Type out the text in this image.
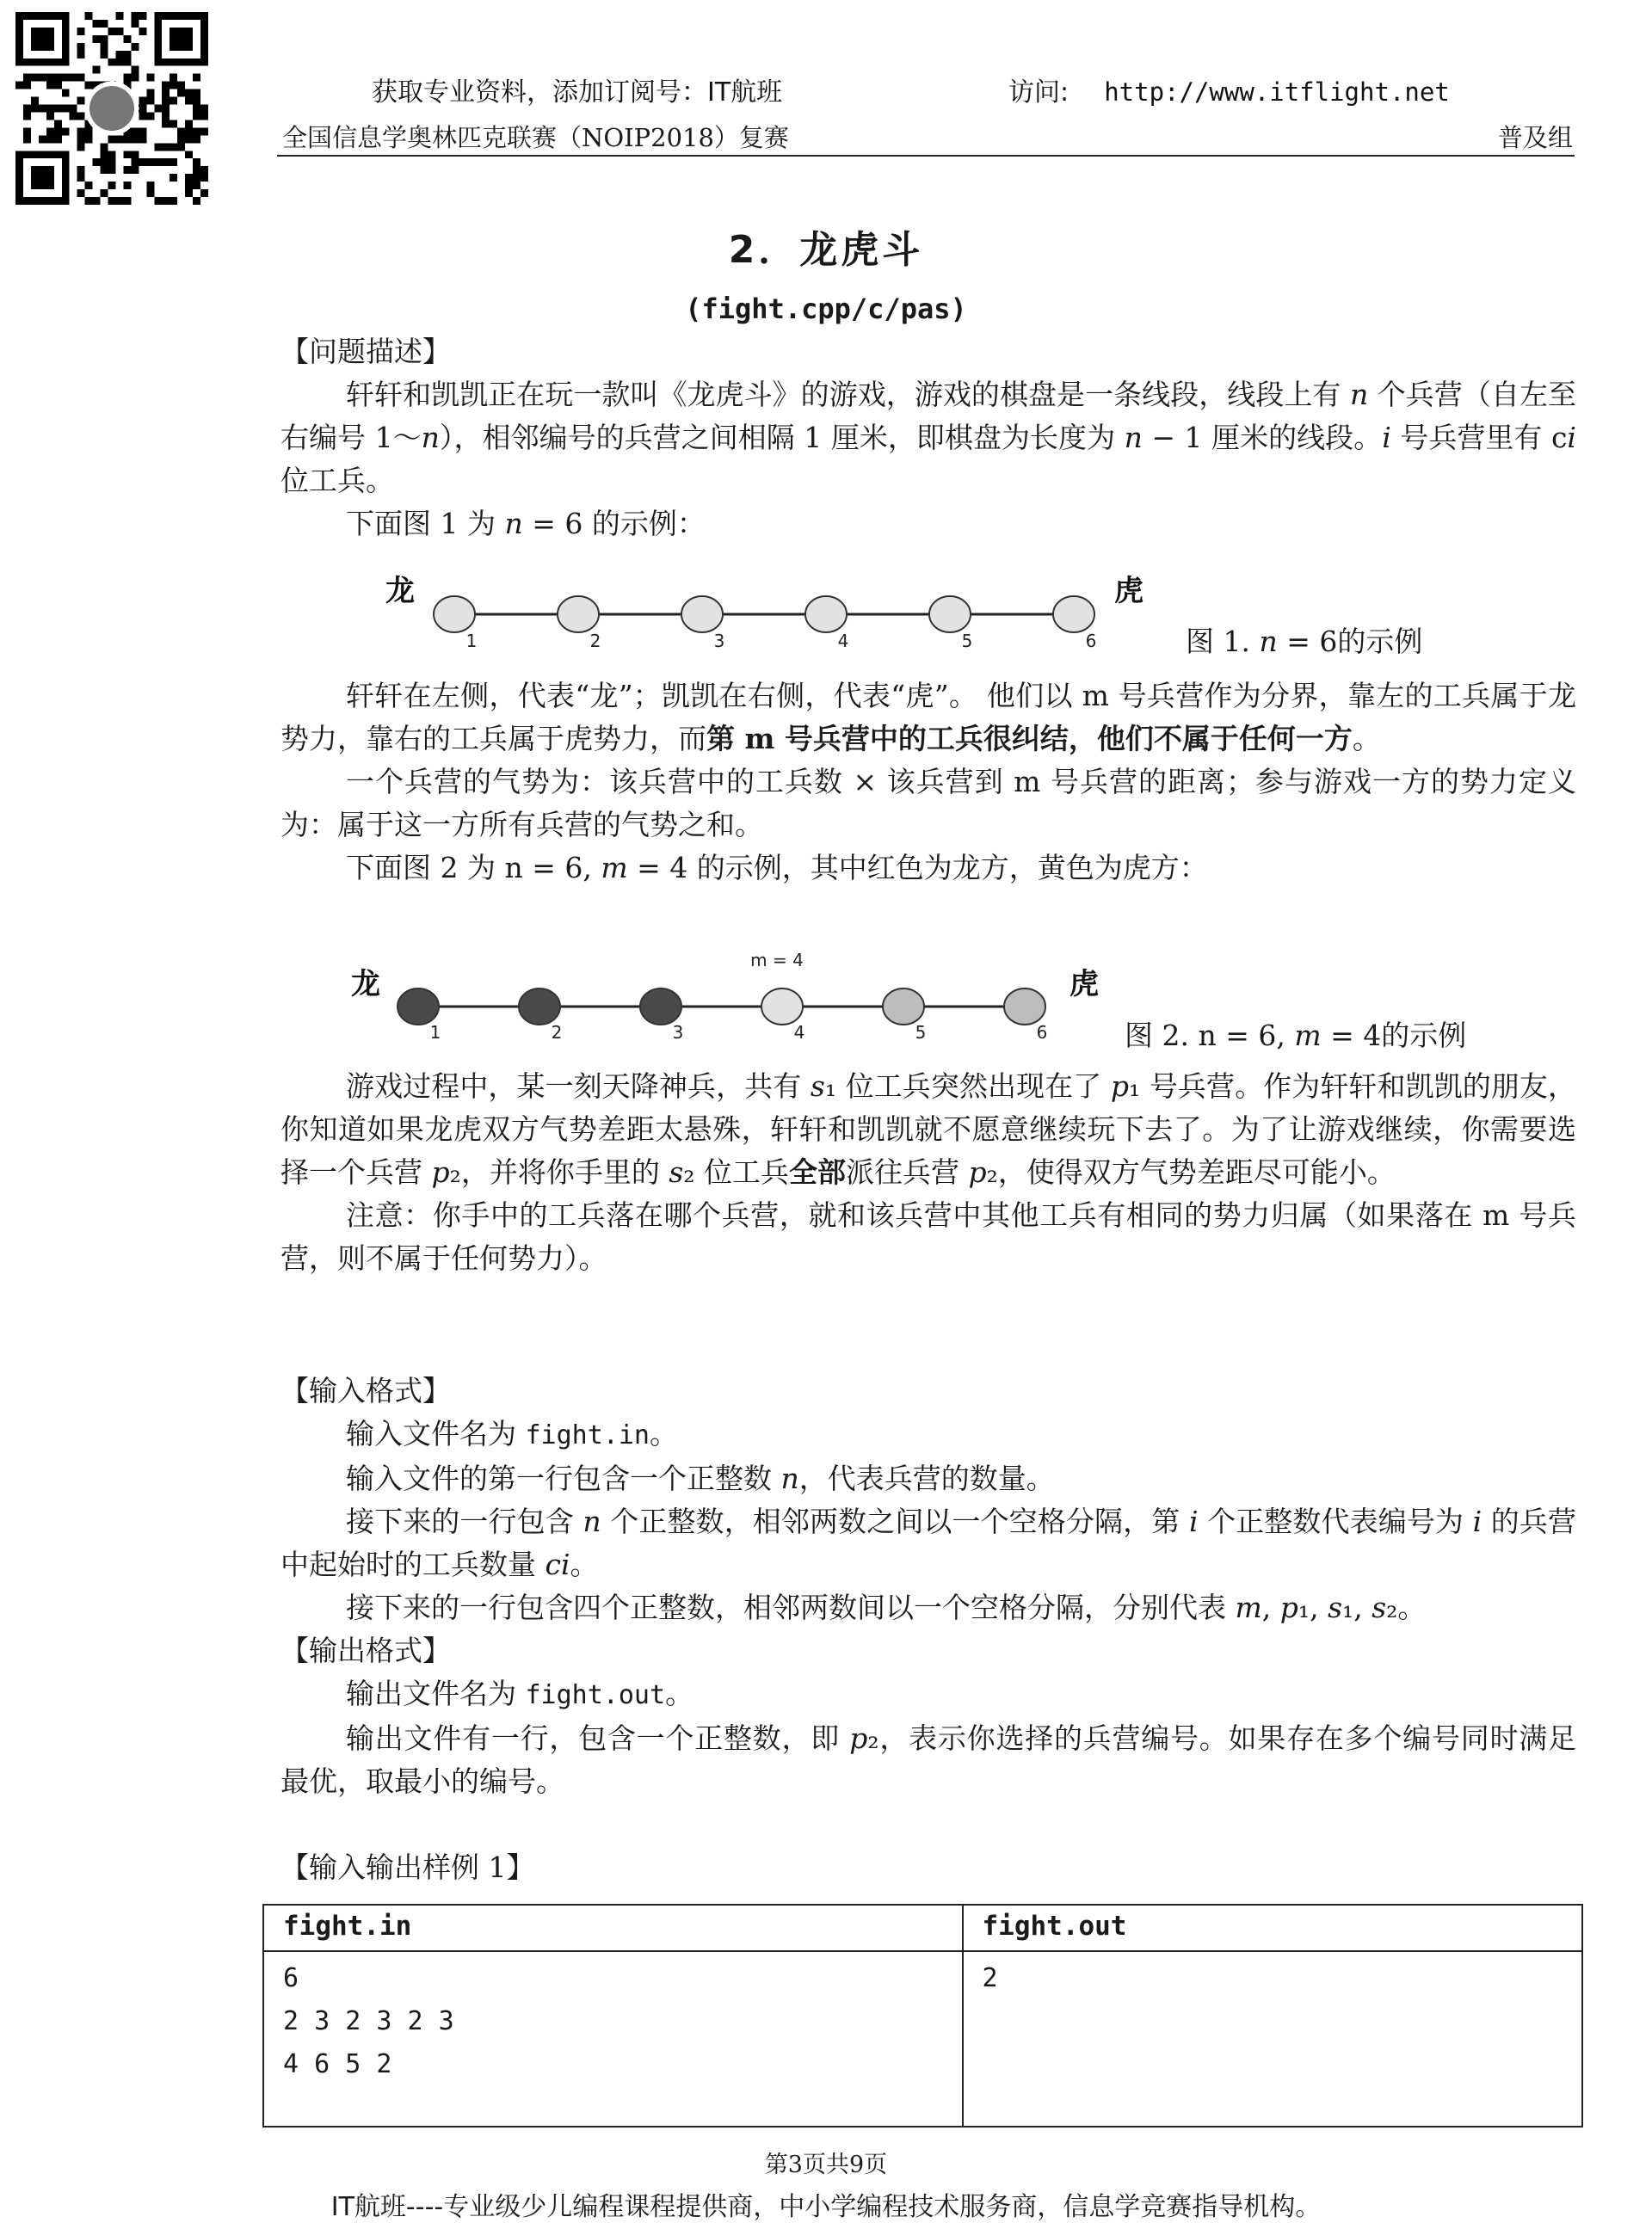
获取专业资料，添加订阅号：IT航班	访问: http://www.itflight.net
全国信息学奥林匹克联赛（NOIP2018）复赛	普及组
2．龙虎斗
(fight.cpp/c/pas)

【问题描述】

轩轩和凯凯正在玩一款叫《龙虎斗》的游戏，游戏的棋盘是一条线段，线段上有 𝑛 个兵营（自左至右编号 1～𝑛），相邻编号的兵营之间相隔 1 厘米，即棋盘为长度为 𝑛 − 1 厘米的线段。𝑖 号兵营里有 c𝑖 位工兵。

下面图 1 为 𝑛 = 6 的示例：

龙	虎
1	2	3	4	5	6	图 1. 𝑛 = 6的示例

轩轩在左侧，代表“龙”；凯凯在右侧，代表“虎”。 他们以 m 号兵营作为分界，靠左的工兵属于龙势力，靠右的工兵属于虎势力，而第 m 号兵营中的工兵很纠结，他们不属于任何一方。

一个兵营的气势为：该兵营中的工兵数 × 该兵营到 m 号兵营的距离；参与游戏一方的势力定义为：属于这一方所有兵营的气势之和。

下面图 2 为 n = 6, 𝑚 = 4 的示例，其中红色为龙方，黄色为虎方：

m = 4
龙	虎
1	2	3	4	5	6	图 2. n = 6, 𝑚 = 4的示例

游戏过程中，某一刻天降神兵，共有 𝑠₁ 位工兵突然出现在了 𝑝₁ 号兵营。作为轩轩和凯凯的朋友，你知道如果龙虎双方气势差距太悬殊，轩轩和凯凯就不愿意继续玩下去了。为了让游戏继续，你需要选择一个兵营 𝑝₂，并将你手里的 𝑠₂ 位工兵全部派往兵营 𝑝₂，使得双方气势差距尽可能小。

注意：你手中的工兵落在哪个兵营，就和该兵营中其他工兵有相同的势力归属（如果落在 m 号兵营，则不属于任何势力）。

【输入格式】

输入文件名为 fight.in。

输入文件的第一行包含一个正整数 𝑛，代表兵营的数量。

接下来的一行包含 𝑛 个正整数，相邻两数之间以一个空格分隔，第 𝑖 个正整数代表编号为 𝑖 的兵营中起始时的工兵数量 𝑐𝑖。

接下来的一行包含四个正整数，相邻两数间以一个空格分隔，分别代表 𝑚, 𝑝₁, 𝑠₁, 𝑠₂。

【输出格式】

输出文件名为 fight.out。

输出文件有一行，包含一个正整数，即 𝑝₂，表示你选择的兵营编号。如果存在多个编号同时满足最优，取最小的编号。

【输入输出样例 1】

fight.in	fight.out

6
2 3 2 3 2 3
4 6 5 2	2
第3页共9页
IT航班----专业级少儿编程课程提供商，中小学编程技术服务商，信息学竞赛指导机构。
